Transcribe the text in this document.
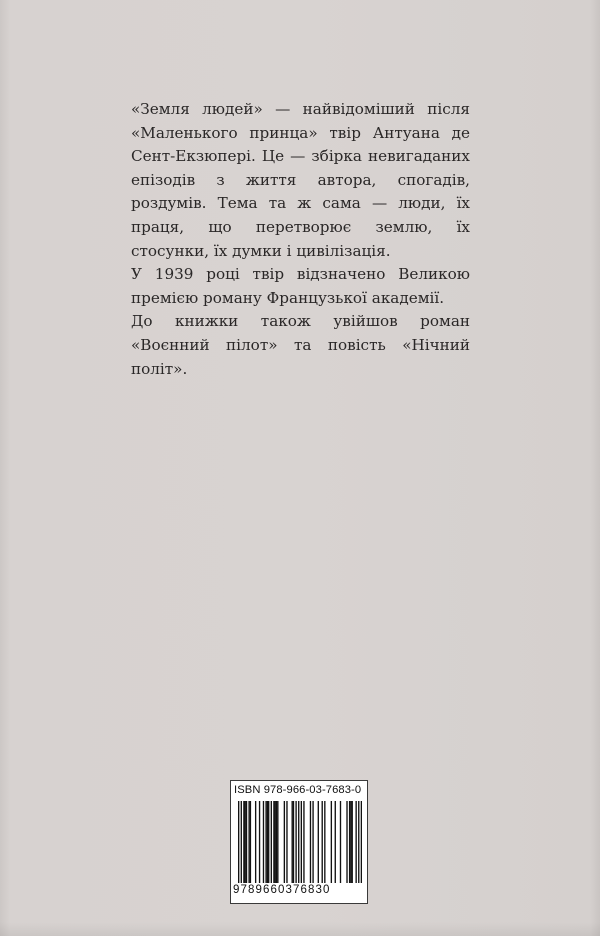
«Земля людей» — найвідоміший після «Маленького принца» твір Антуана де Сент-Екзюпері. Це — збірка невигаданих епізодів з життя автора, спогадів, роздумів. Тема та ж сама — люди, їх праця, що перетворює землю, їх стосунки, їх думки і цивілізація.

У 1939 році твір відзначено Великою премією роману Французької академії.

До книжки також увійшов роман «Воєнний пілот» та повість «Нічний політ».

ISBN 978-966-03-7683-0
9789660376830
